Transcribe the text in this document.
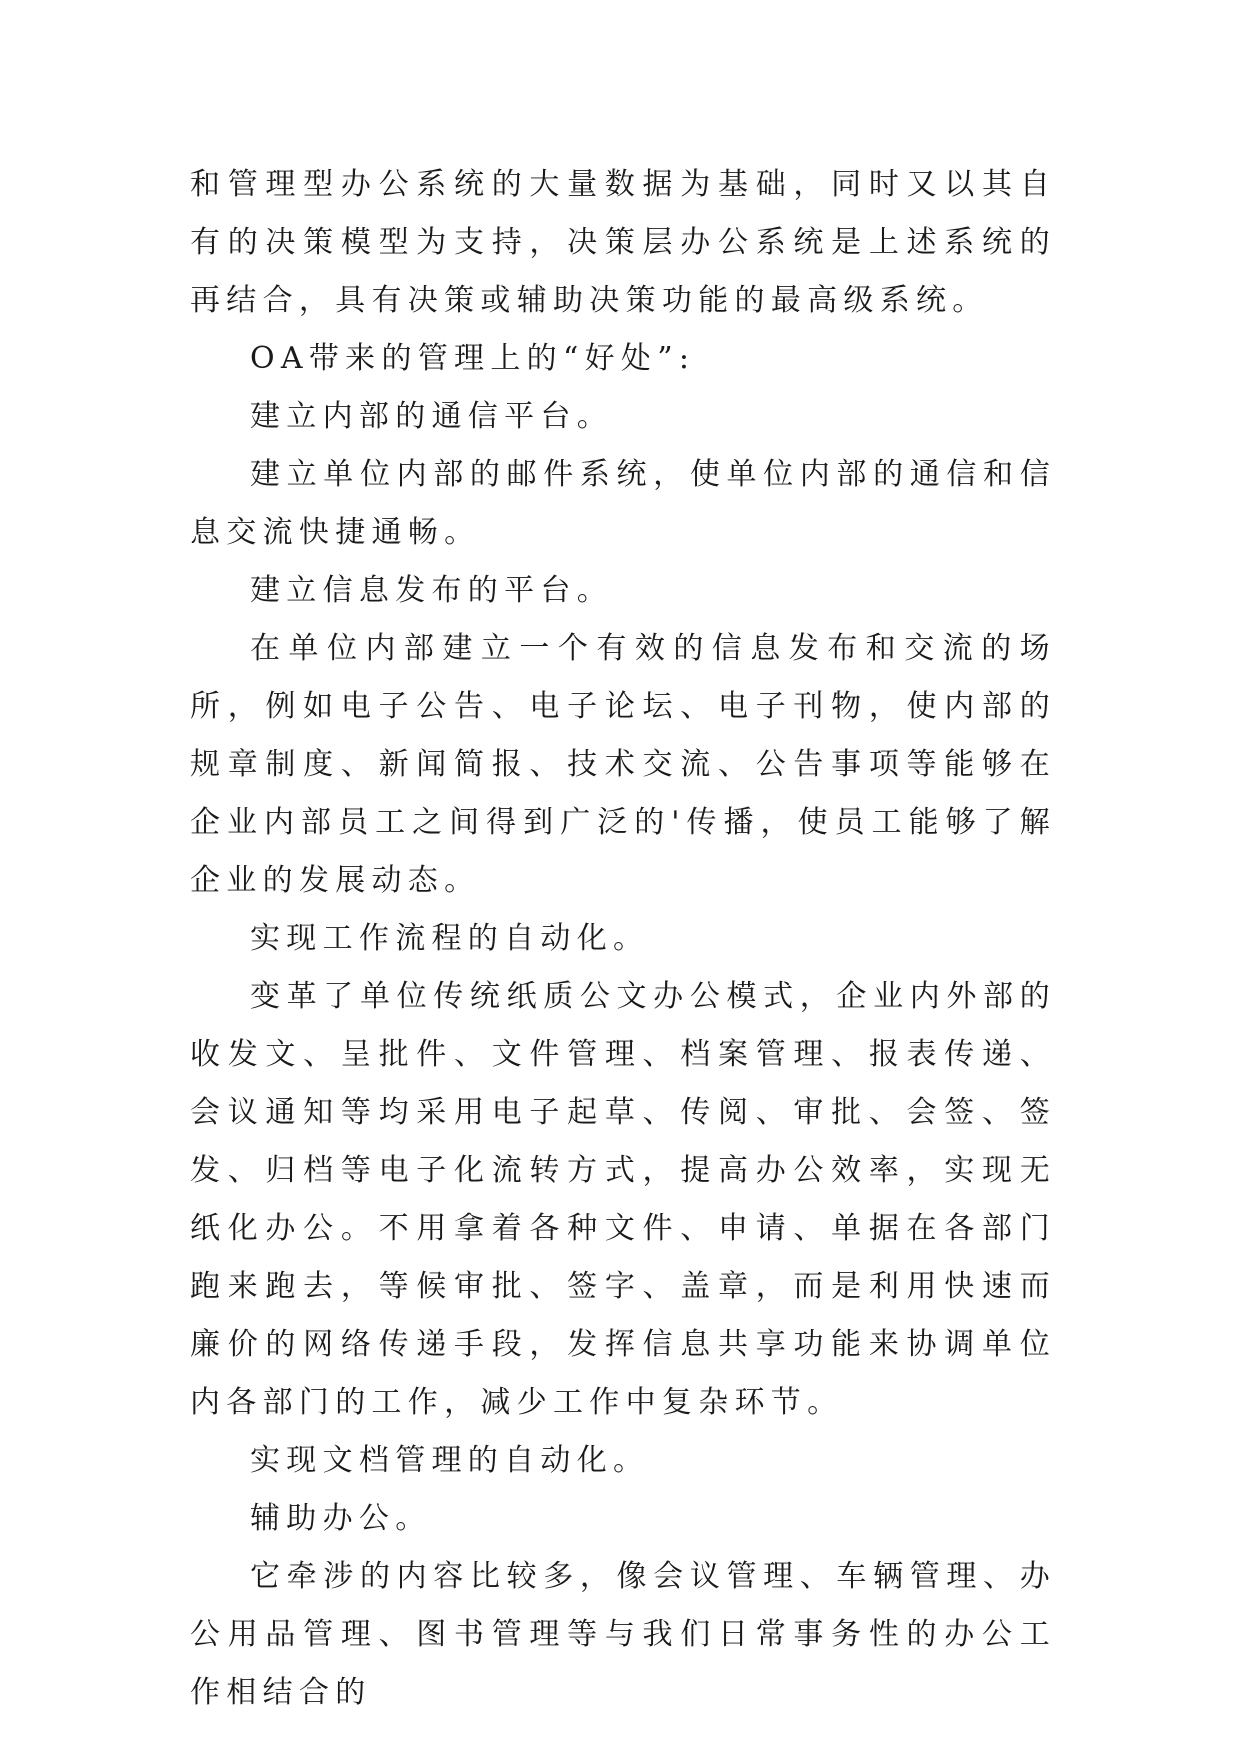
和管理型办公系统的大量数据为基础，同时又以其自有的决策模型为支持，决策层办公系统是上述系统的再结合，具有决策或辅助决策功能的最高级系统。

OA带来的管理上的“好处”:

建立内部的通信平台。

建立单位内部的邮件系统，使单位内部的通信和信息交流快捷通畅。

建立信息发布的平台。

在单位内部建立一个有效的信息发布和交流的场所，例如电子公告、电子论坛、电子刊物，使内部的规章制度、新闻简报、技术交流、公告事项等能够在企业内部员工之间得到广泛的'传播，使员工能够了解企业的发展动态。

实现工作流程的自动化。

变革了单位传统纸质公文办公模式，企业内外部的收发文、呈批件、文件管理、档案管理、报表传递、会议通知等均采用电子起草、传阅、审批、会签、签发、归档等电子化流转方式，提高办公效率，实现无纸化办公。不用拿着各种文件、申请、单据在各部门跑来跑去，等候审批、签字、盖章，而是利用快速而廉价的网络传递手段，发挥信息共享功能来协调单位内各部门的工作，减少工作中复杂环节。

实现文档管理的自动化。

辅助办公。

它牵涉的内容比较多，像会议管理、车辆管理、办公用品管理、图书管理等与我们日常事务性的办公工作相结合的
